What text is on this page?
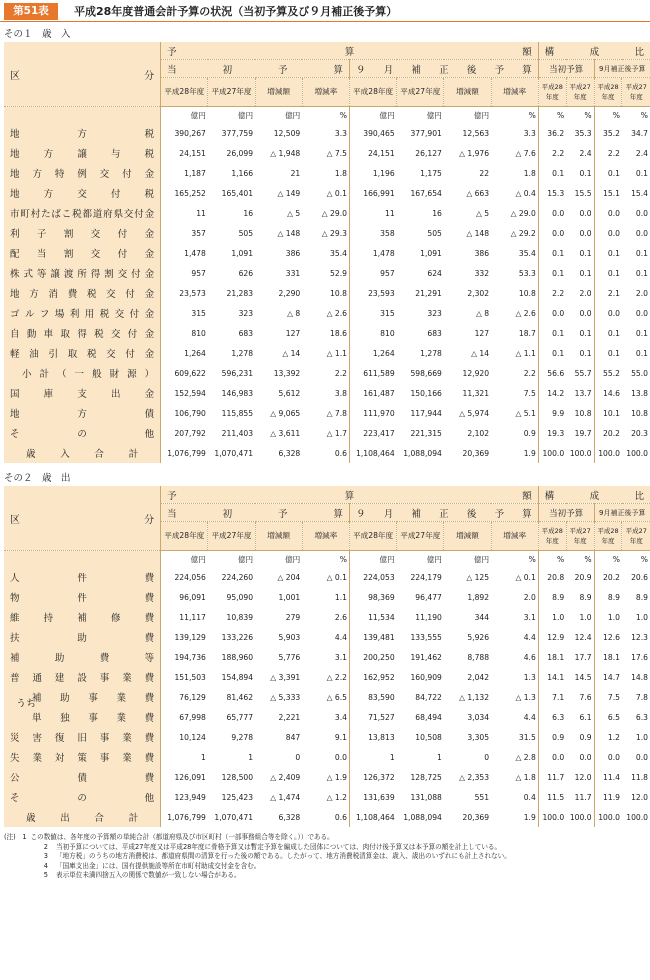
第51表	平成28年度普通会計予算の状況（当初予算及び９月補正後予算）
その１　歳　入
区　　　分	予　算　額								構　成　比			
	当　初　予　算				９　月　補　正　後　予　算				当初予算		9月補正後予算	
	平成28年度	平成27年度	増減額	増減率	平成28年度	平成27年度	増減額	増減率	平成28年度	平成27年度	平成28年度	平成27年度
	億円	億円	億円	%	億円	億円	億円	%	%	%	%	%
地方税	390,267	377,759	12,509	3.3	390,465	377,901	12,563	3.3	36.2	35.3	35.2	34.7
地方譲与税	24,151	26,099	△ 1,948	△ 7.5	24,151	26,127	△ 1,976	△ 7.6	2.2	2.4	2.2	2.4
地方特例交付金	1,187	1,166	21	1.8	1,196	1,175	22	1.8	0.1	0.1	0.1	0.1
地方交付税	165,252	165,401	△ 149	△ 0.1	166,991	167,654	△ 663	△ 0.4	15.3	15.5	15.1	15.4
市町村たばこ税都道府県交付金	11	16	△ 5	△ 29.0	11	16	△ 5	△ 29.0	0.0	0.0	0.0	0.0
利子割交付金	357	505	△ 148	△ 29.3	358	505	△ 148	△ 29.2	0.0	0.0	0.0	0.0
配当割交付金	1,478	1,091	386	35.4	1,478	1,091	386	35.4	0.1	0.1	0.1	0.1
株式等譲渡所得割交付金	957	626	331	52.9	957	624	332	53.3	0.1	0.1	0.1	0.1
地方消費税交付金	23,573	21,283	2,290	10.8	23,593	21,291	2,302	10.8	2.2	2.0	2.1	2.0
ゴルフ場利用税交付金	315	323	△ 8	△ 2.6	315	323	△ 8	△ 2.6	0.0	0.0	0.0	0.0
自動車取得税交付金	810	683	127	18.6	810	683	127	18.7	0.1	0.1	0.1	0.1
軽油引取税交付金	1,264	1,278	△ 14	△ 1.1	1,264	1,278	△ 14	△ 1.1	0.1	0.1	0.1	0.1
小計（一般財源）	609,622	596,231	13,392	2.2	611,589	598,669	12,920	2.2	56.6	55.7	55.2	55.0
国庫支出金	152,594	146,983	5,612	3.8	161,487	150,166	11,321	7.5	14.2	13.7	14.6	13.8
地方債	106,790	115,855	△ 9,065	△ 7.8	111,970	117,944	△ 5,974	△ 5.1	9.9	10.8	10.1	10.8
その他	207,792	211,403	△ 3,611	△ 1.7	223,417	221,315	2,102	0.9	19.3	19.7	20.2	20.3
歳入合計	1,076,799	1,070,471	6,328	0.6	1,108,464	1,088,094	20,369	1.9	100.0	100.0	100.0	100.0
その２　歳　出
区　　　分	予　算　額								構　成　比			
	当　初　予　算				９　月　補　正　後　予　算				当初予算		9月補正後予算	
	平成28年度	平成27年度	増減額	増減率	平成28年度	平成27年度	増減額	増減率	平成28年度	平成27年度	平成28年度	平成27年度
	億円	億円	億円	%	億円	億円	億円	%	%	%	%	%
人件費	224,056	224,260	△ 204	△ 0.1	224,053	224,179	△ 125	△ 0.1	20.8	20.9	20.2	20.6
物件費	96,091	95,090	1,001	1.1	98,369	96,477	1,892	2.0	8.9	8.9	8.9	8.9
維持補修費	11,117	10,839	279	2.6	11,534	11,190	344	3.1	1.0	1.0	1.0	1.0
扶助費	139,129	133,226	5,903	4.4	139,481	133,555	5,926	4.4	12.9	12.4	12.6	12.3
補助費等	194,736	188,960	5,776	3.1	200,250	191,462	8,788	4.6	18.1	17.7	18.1	17.6
普通建設事業費	151,503	154,894	△ 3,391	△ 2.2	162,952	160,909	2,042	1.3	14.1	14.5	14.7	14.8

うち
補助事業費	76,129	81,462	△ 5,333	△ 6.5	83,590	84,722	△ 1,132	△ 1.3	7.1	7.6	7.5	7.8
単独事業費	67,998	65,777	2,221	3.4	71,527	68,494	3,034	4.4	6.3	6.1	6.5	6.3
災害復旧事業費	10,124	9,278	847	9.1	13,813	10,508	3,305	31.5	0.9	0.9	1.2	1.0
失業対策事業費	1	1	0	0.0	1	1	0	△ 2.8	0.0	0.0	0.0	0.0
公債費	126,091	128,500	△ 2,409	△ 1.9	126,372	128,725	△ 2,353	△ 1.8	11.7	12.0	11.4	11.8
その他	123,949	125,423	△ 1,474	△ 1.2	131,639	131,088	551	0.4	11.5	11.7	11.9	12.0
歳出合計	1,076,799	1,070,471	6,328	0.6	1,108,464	1,088,094	20,369	1.9	100.0	100.0	100.0	100.0
(注)　1 この数値は、各年度の予算額の単純合計（都道府県及び市区町村（一部事務組合等を除く。））である。
2 当初予算については、平成27年度又は平成28年度に骨格予算又は暫定予算を編成した団体については、肉付け後予算又は本予算の額を計上している。
3 「地方税」のうちの地方消費税は、都道府県間の清算を行った後の額である。したがって、地方消費税清算金は、歳入、歳出のいずれにも計上されない。
4 「国庫支出金」には、国有提供施設等所在市町村助成交付金を含む。
5 表示単位未満四捨五入の関係で数値が一致しない場合がある。
